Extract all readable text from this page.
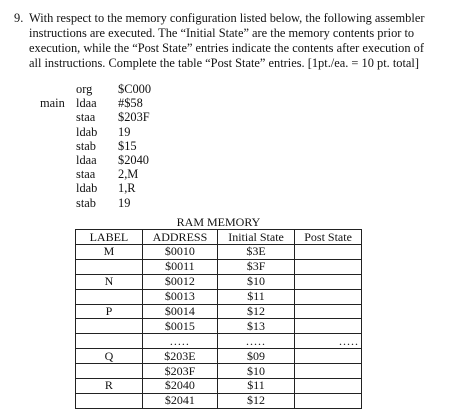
9. With respect to the memory configuration listed below, the following assembler
instructions are executed. The “Initial State” are the memory contents prior to
execution, while the “Post State” entries indicate the contents after execution of
all instructions. Complete the table “Post State” entries. [1pt./ea. = 10 pt. total]
org	$C000
main ldaa	#$58
staa	$203F
ldab	19
stab	$15
ldaa	$2040
staa	2,M
ldab	1,R
stab	19
RAM MEMORY			
LABEL	ADDRESS	Initial State	Post State
M	$0010	$3E	
	$0011	$3F	
N	$0012	$10	
	$0013	$11	
P	$0014	$12	
	$0015	$13	
	.....	.....	.....
Q	$203E	$09	
	$203F	$10	
R	$2040	$11	
	$2041	$12	
